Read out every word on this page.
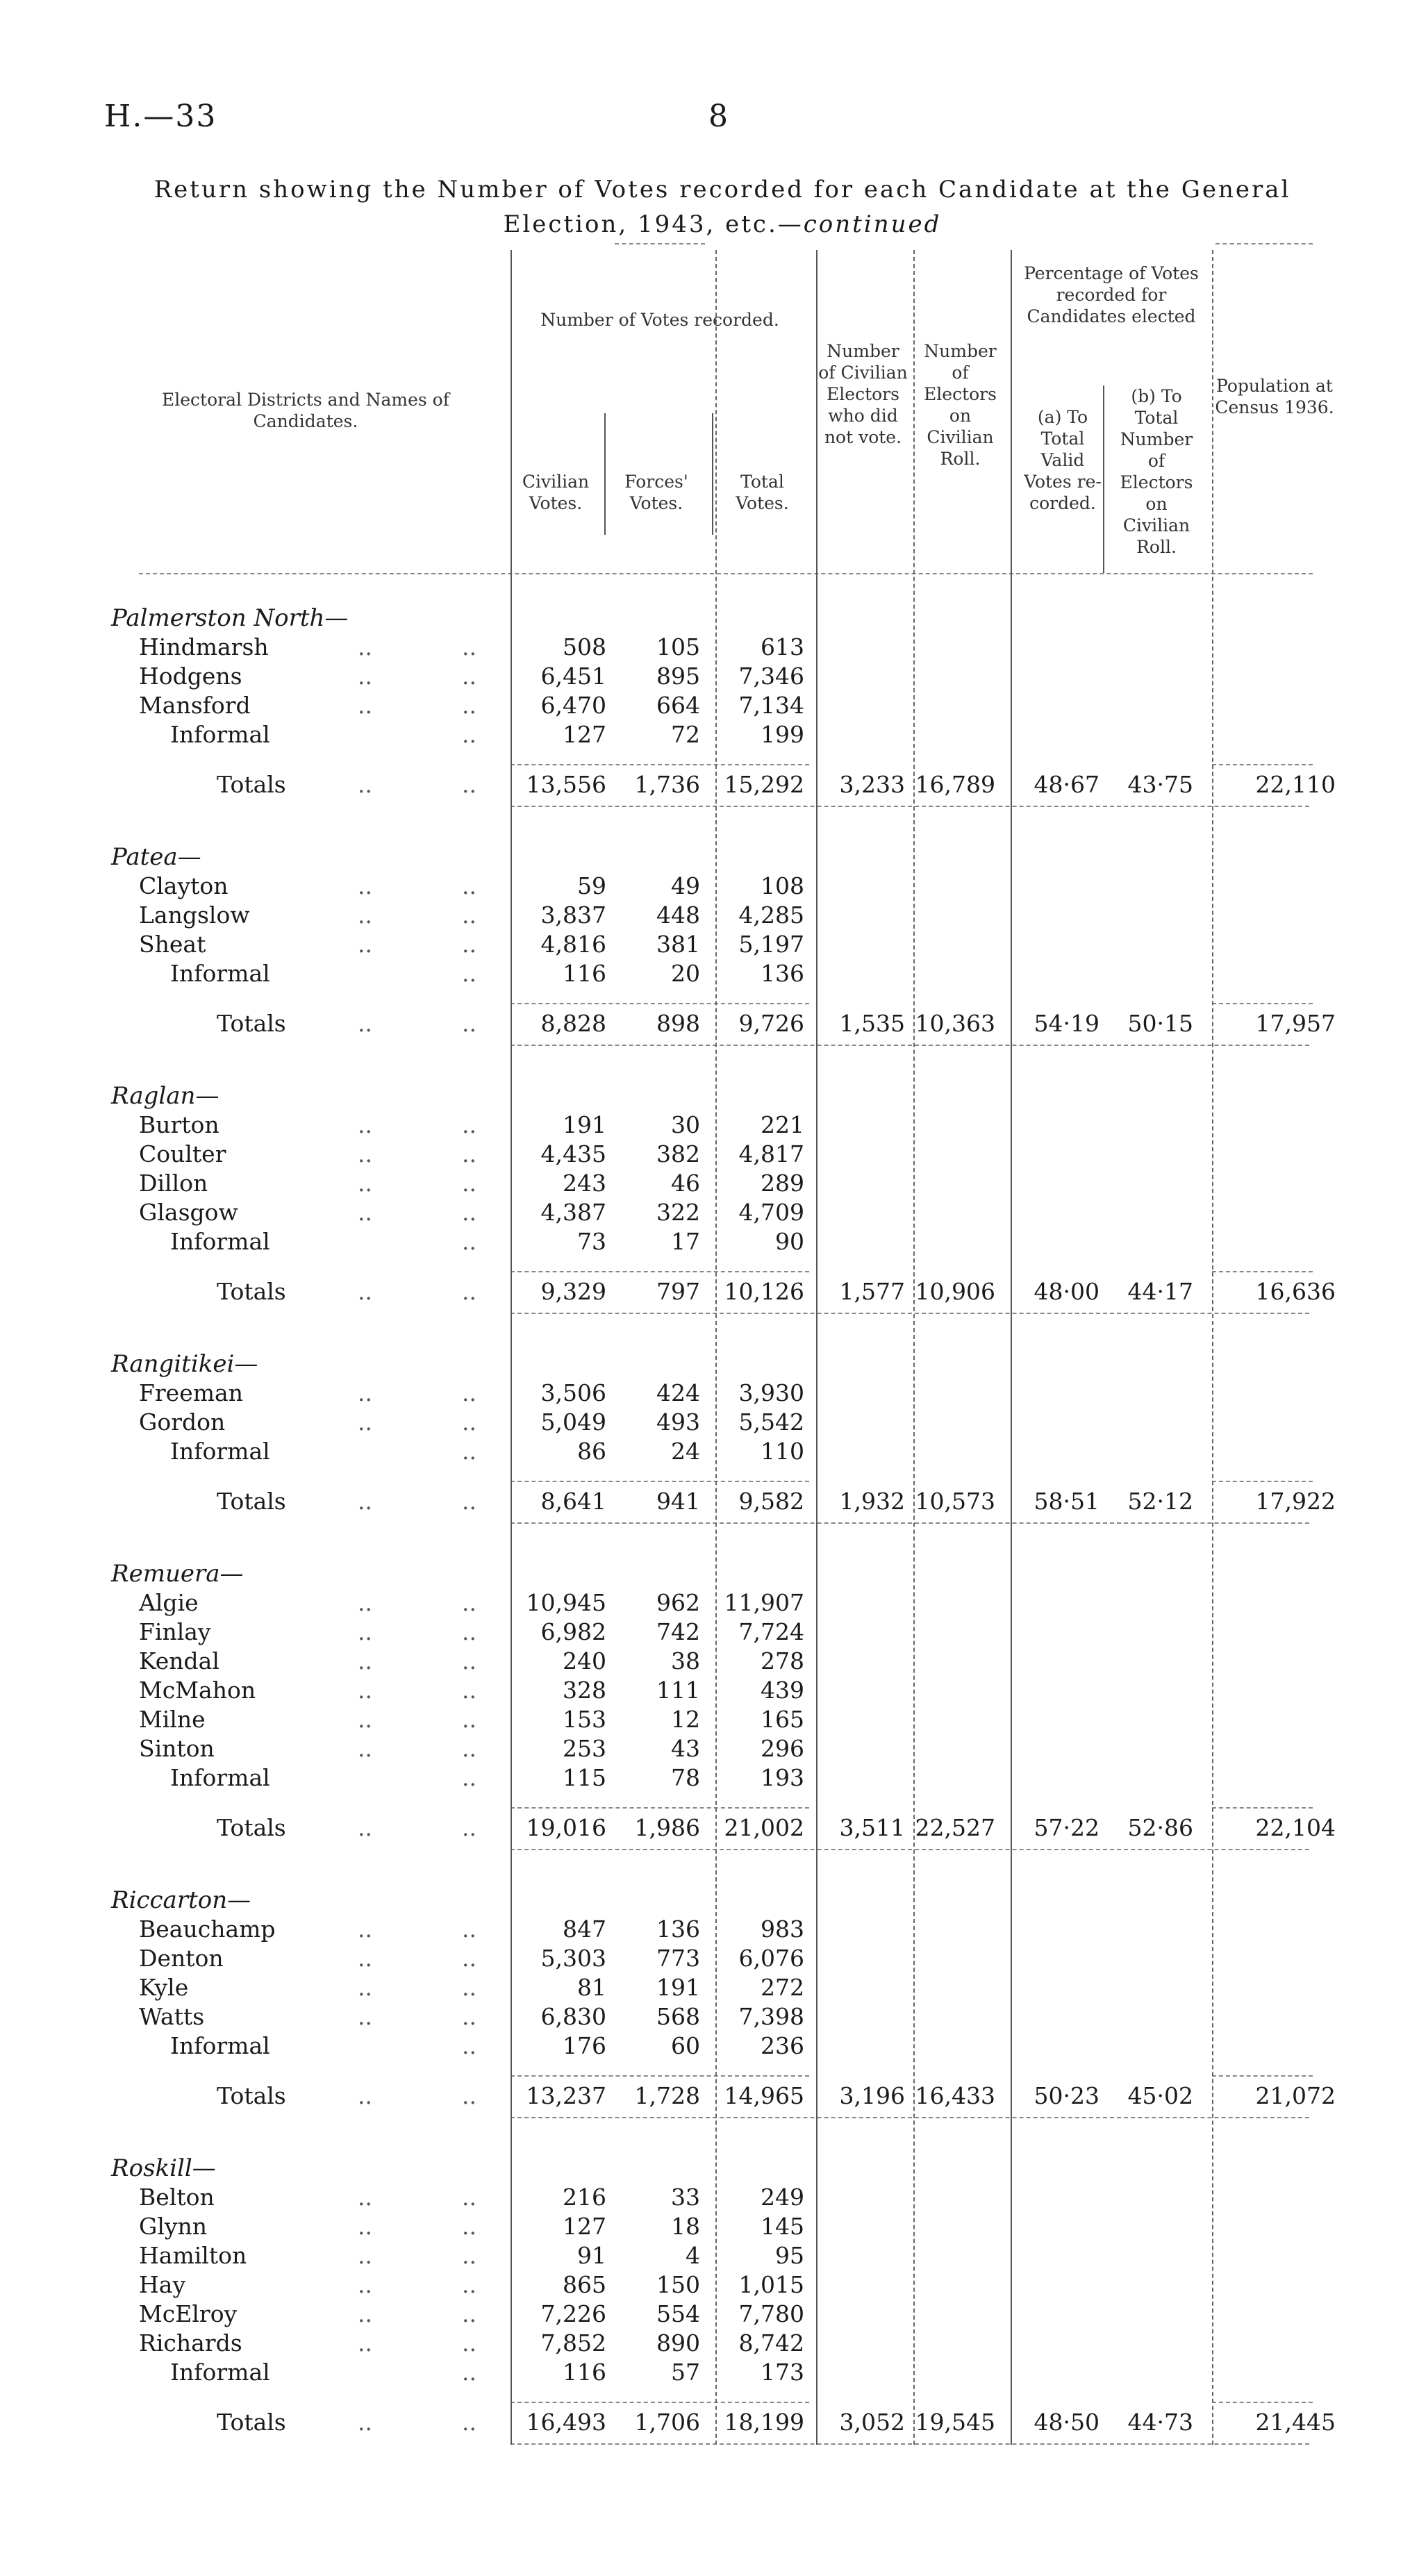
H.—33	8
Return showing the Number of Votes recorded for each Candidate at the General
Election, 1943, etc.—continued
Electoral Districts and Names of Candidates.
Number of Votes recorded.
Civilian Votes.
Forces' Votes.
Total Votes.
Number of Civilian Electors who did not vote.
Number of Electors on Civilian Roll.
Percentage of Votes recorded for Candidates elected
(a) To Total Valid Votes re-corded.
(b) To Total Number of Electors on Civilian Roll.
Population at Census 1936.
Palmerston North—
Hindmarsh	..	..	508 105	613
Hodgens	..	..	6,451 895 7,346
Mansford	..	..	6,470 664 7,134
Informal	..	127	72	199
Totals	..	.. 13,556 1,736 15,292 3,233 16,789 48·67 43·75	22,110
Patea—
Clayton	..	..	59	49	108
Langslow	..	..	3,837 448 4,285
Sheat	..	..	4,816 381 5,197
Informal	..	116	20	136
Totals	..	..	8,828 898 9,726 1,535 10,363 54·19 50·15	17,957
Raglan—
Burton	..	..	191	30	221
Coulter	..	..	4,435 382 4,817
Dillon	..	..	243	46	289
Glasgow	..	..	4,387 322 4,709
Informal	..	73	17	90
Totals	..	..	9,329 797 10,126 1,577 10,906 48·00 44·17	16,636
Rangitikei—
Freeman	..	..	3,506 424 3,930
Gordon	..	..	5,049 493 5,542
Informal	..	86	24	110
Totals	..	..	8,641 941 9,582 1,932 10,573 58·51 52·12	17,922
Remuera—
Algie	..	.. 10,945 962 11,907
Finlay	..	..	6,982 742 7,724
Kendal	..	..	240	38	278
McMahon	..	..	328 111	439
Milne	..	..	153	12	165
Sinton	..	..	253	43	296
Informal	..	115	78	193
Totals	..	.. 19,016 1,986 21,002 3,511 22,527 57·22 52·86	22,104
Riccarton—
Beauchamp	..	..	847 136	983
Denton	..	..	5,303 773 6,076
Kyle	..	..	81 191	272
Watts	..	..	6,830 568 7,398
Informal	..	176	60	236
Totals	..	.. 13,237 1,728 14,965 3,196 16,433 50·23 45·02	21,072
Roskill—
Belton	..	..	216	33	249
Glynn	..	..	127	18	145
Hamilton	..	..	91	4	95
Hay	..	..	865 150 1,015
McElroy	..	..	7,226 554 7,780
Richards	..	..	7,852 890 8,742
Informal	..	116	57	173
Totals	..	.. 16,493 1,706 18,199 3,052 19,545 48·50 44·73	21,445
